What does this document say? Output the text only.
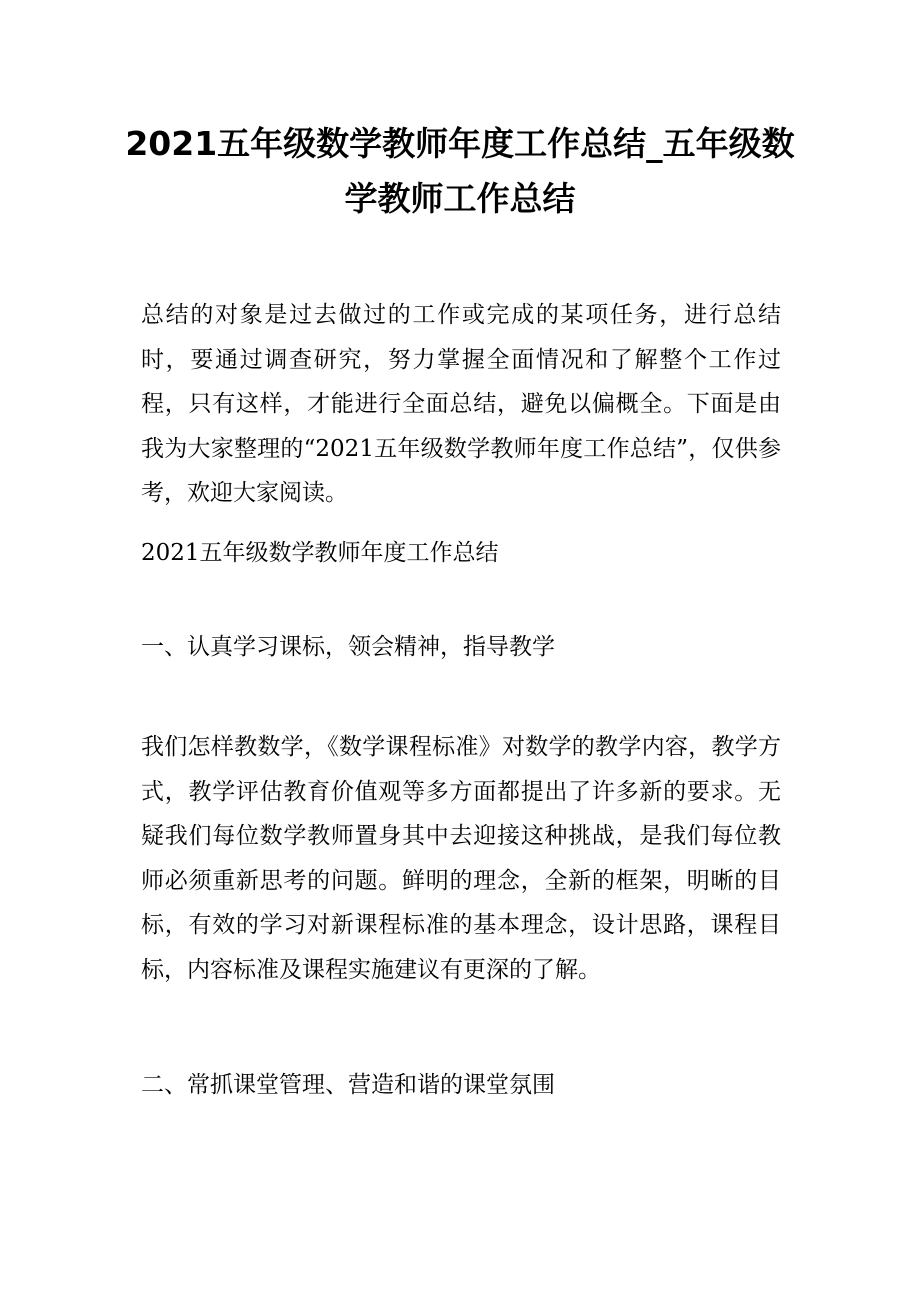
2021五年级数学教师年度工作总结_五年级数学教师工作总结

总结的对象是过去做过的工作或完成的某项任务，进行总结时，要通过调查研究，努力掌握全面情况和了解整个工作过程，只有这样，才能进行全面总结，避免以偏概全。下面是由我为大家整理的“2021五年级数学教师年度工作总结”，仅供参考，欢迎大家阅读。

2021五年级数学教师年度工作总结

一、认真学习课标，领会精神，指导教学

我们怎样教数学，《数学课程标准》对数学的教学内容，教学方式，教学评估教育价值观等多方面都提出了许多新的要求。无疑我们每位数学教师置身其中去迎接这种挑战，是我们每位教师必须重新思考的问题。鲜明的理念，全新的框架，明晰的目标，有效的学习对新课程标准的基本理念，设计思路，课程目标，内容标准及课程实施建议有更深的了解。

二、常抓课堂管理、营造和谐的课堂氛围
